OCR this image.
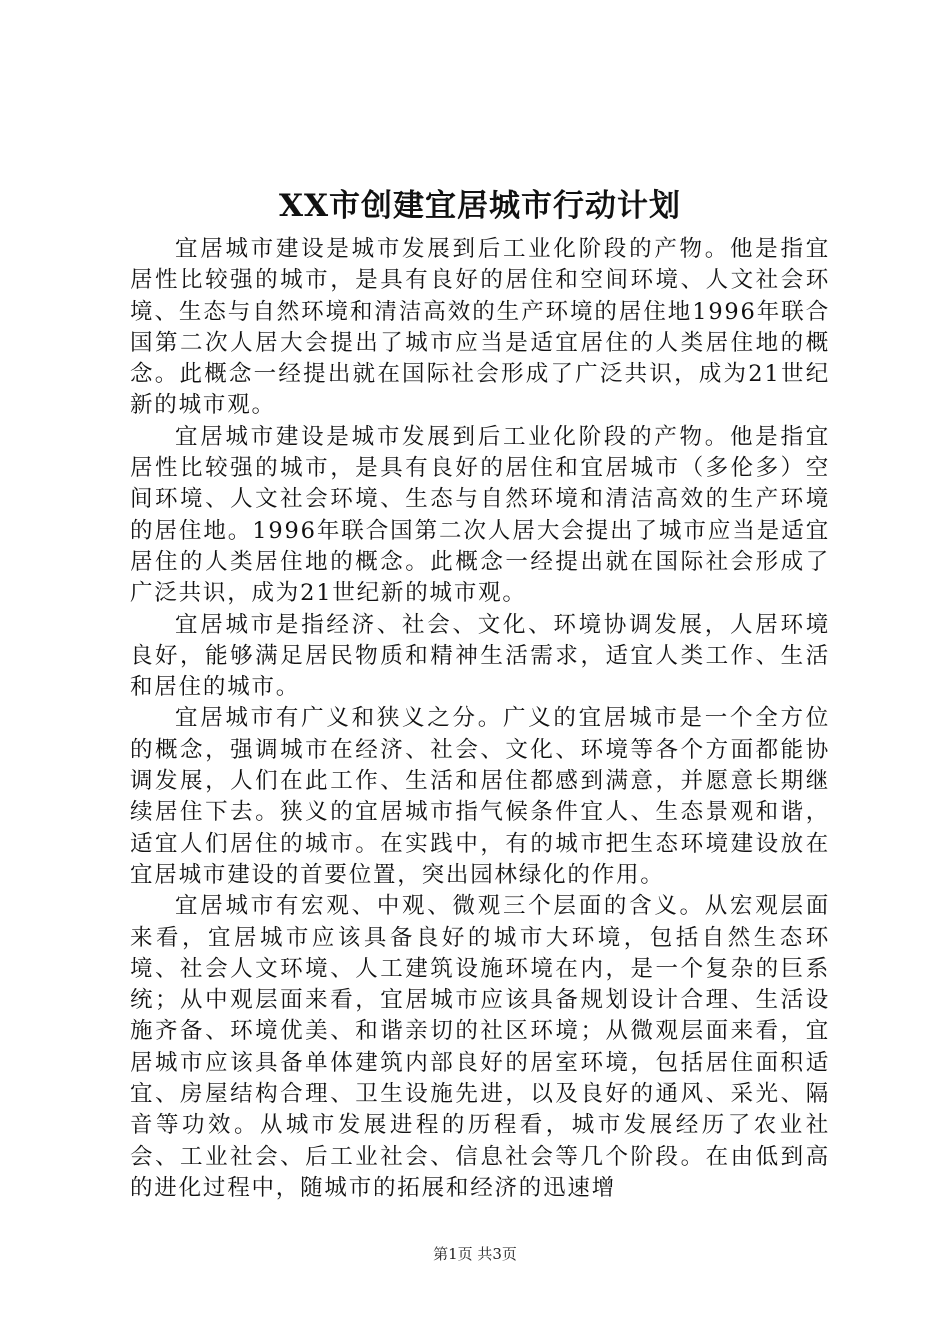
XX市创建宜居城市行动计划

宜居城市建设是城市发展到后工业化阶段的产物。他是指宜居性比较强的城市，是具有良好的居住和空间环境、人文社会环境、生态与自然环境和清洁高效的生产环境的居住地1996年联合国第二次人居大会提出了城市应当是适宜居住的人类居住地的概念。此概念一经提出就在国际社会形成了广泛共识，成为21世纪新的城市观。

宜居城市建设是城市发展到后工业化阶段的产物。他是指宜居性比较强的城市，是具有良好的居住和宜居城市（多伦多）空间环境、人文社会环境、生态与自然环境和清洁高效的生产环境的居住地。1996年联合国第二次人居大会提出了城市应当是适宜居住的人类居住地的概念。此概念一经提出就在国际社会形成了广泛共识，成为21世纪新的城市观。

宜居城市是指经济、社会、文化、环境协调发展，人居环境良好，能够满足居民物质和精神生活需求，适宜人类工作、生活和居住的城市。

宜居城市有广义和狭义之分。广义的宜居城市是一个全方位的概念，强调城市在经济、社会、文化、环境等各个方面都能协调发展，人们在此工作、生活和居住都感到满意，并愿意长期继续居住下去。狭义的宜居城市指气候条件宜人、生态景观和谐，适宜人们居住的城市。在实践中，有的城市把生态环境建设放在宜居城市建设的首要位置，突出园林绿化的作用。

宜居城市有宏观、中观、微观三个层面的含义。从宏观层面来看，宜居城市应该具备良好的城市大环境，包括自然生态环境、社会人文环境、人工建筑设施环境在内，是一个复杂的巨系统；从中观层面来看，宜居城市应该具备规划设计合理、生活设施齐备、环境优美、和谐亲切的社区环境；从微观层面来看，宜居城市应该具备单体建筑内部良好的居室环境，包括居住面积适宜、房屋结构合理、卫生设施先进，以及良好的通风、采光、隔音等功效。从城市发展进程的历程看，城市发展经历了农业社会、工业社会、后工业社会、信息社会等几个阶段。在由低到高的进化过程中，随城市的拓展和经济的迅速增

第1页 共3页
